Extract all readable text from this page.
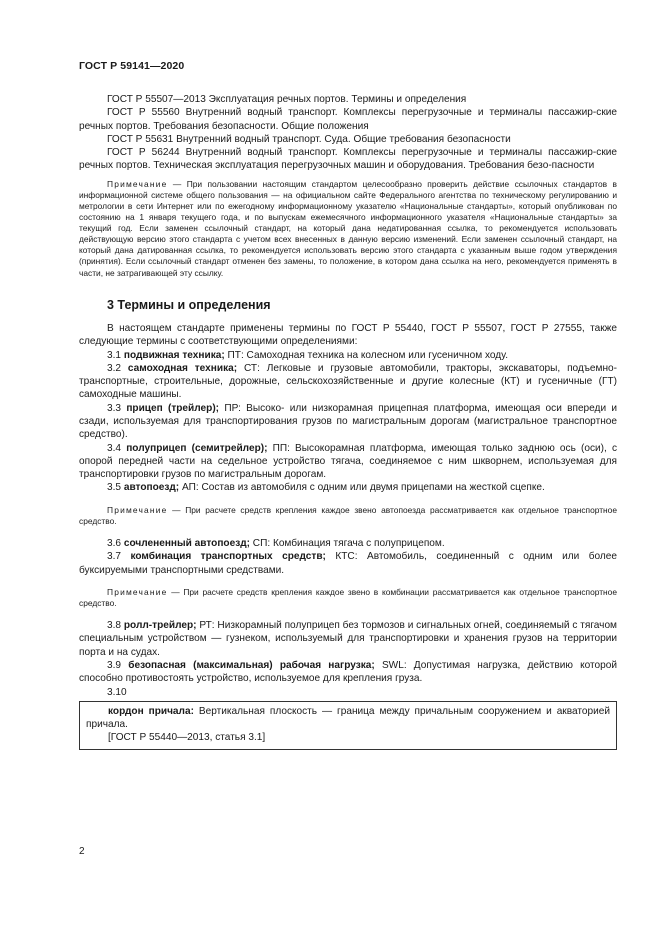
ГОСТ Р 59141—2020

ГОСТ Р 55507—2013 Эксплуатация речных портов. Термины и определения

ГОСТ Р 55560 Внутренний водный транспорт. Комплексы перегрузочные и терминалы пассажир-ские речных портов. Требования безопасности. Общие положения

ГОСТ Р 55631 Внутренний водный транспорт. Суда. Общие требования безопасности

ГОСТ Р 56244 Внутренний водный транспорт. Комплексы перегрузочные и терминалы пассажир-ские речных портов. Техническая эксплуатация перегрузочных машин и оборудования. Требования безо-пасности

Примечание — При пользовании настоящим стандартом целесообразно проверить действие ссылочных стандартов в информационной системе общего пользования — на официальном сайте Федерального агентства по техническому регулированию и метрологии в сети Интернет или по ежегодному информационному указателю «Национальные стандарты», который опубликован по состоянию на 1 января текущего года, и по выпускам ежемесячного информационного указателя «Национальные стандарты» за текущий год. Если заменен ссылочный стандарт, на который дана недатированная ссылка, то рекомендуется использовать действующую версию этого стандарта с учетом всех внесенных в данную версию изменений. Если заменен ссылочный стандарт, на который дана датированная ссылка, то рекомендуется использовать версию этого стандарта с указанным выше годом утверждения (принятия). Если ссылочный стандарт отменен без замены, то положение, в котором дана ссылка на него, рекомендуется применять в части, не затрагивающей эту ссылку.

3 Термины и определения

В настоящем стандарте применены термины по ГОСТ Р 55440, ГОСТ Р 55507, ГОСТ Р 27555, также следующие термины с соответствующими определениями:

3.1 подвижная техника; ПТ: Самоходная техника на колесном или гусеничном ходу.

3.2 самоходная техника; СТ: Легковые и грузовые автомобили, тракторы, экскаваторы, подъемно-транспортные, строительные, дорожные, сельскохозяйственные и другие колесные (КТ) и гусеничные (ГТ) самоходные машины.

3.3 прицеп (трейлер); ПР: Высоко- или низкорамная прицепная платформа, имеющая оси впереди и сзади, используемая для транспортирования грузов по магистральным дорогам (магистральное транспортное средство).

3.4 полуприцеп (семитрейлер); ПП: Высокорамная платформа, имеющая только заднюю ось (оси), с опорой передней части на седельное устройство тягача, соединяемое с ним шкворнем, используемая для транспортировки грузов по магистральным дорогам.

3.5 автопоезд; АП: Состав из автомобиля с одним или двумя прицепами на жесткой сцепке.

Примечание — При расчете средств крепления каждое звено автопоезда рассматривается как отдельное транспортное средство.

3.6 сочлененный автопоезд; СП: Комбинация тягача с полуприцепом.

3.7 комбинация транспортных средств; КТС: Автомобиль, соединенный с одним или более буксируемыми транспортными средствами.

Примечание — При расчете средств крепления каждое звено в комбинации рассматривается как отдельное транспортное средство.

3.8 ролл-трейлер; РТ: Низкорамный полуприцеп без тормозов и сигнальных огней, соединяемый с тягачом специальным устройством — гузнеком, используемый для транспортировки и хранения грузов на территории порта и на судах.

3.9 безопасная (максимальная) рабочая нагрузка; SWL: Допустимая нагрузка, действию которой способно противостоять устройство, используемое для крепления груза.

3.10

кордон причала: Вертикальная плоскость — граница между причальным сооружением и акваторией причала.

[ГОСТ Р 55440—2013, статья 3.1]

2
